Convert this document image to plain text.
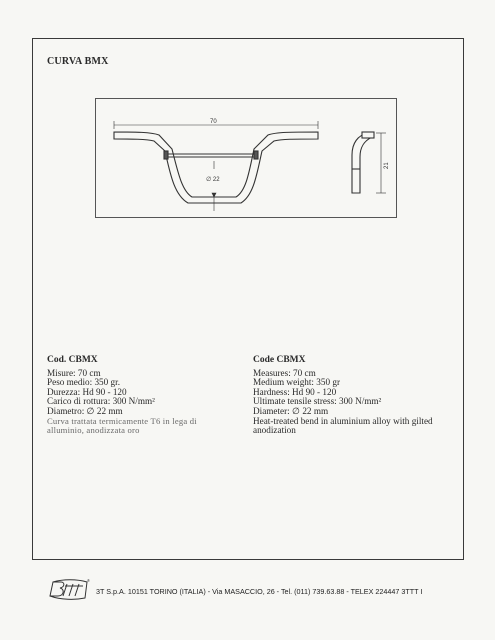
CURVA BMX
70
∅ 22
21
Cod. CBMX
Misure: 70 cm
Peso medio: 350 gr.
Durezza: Hd 90 - 120
Carico di rottura: 300 N/mm²
Diametro: ∅ 22 mm
Curva trattata termicamente T6 in lega di alluminio, anodizzata oro
Code CBMX
Measures: 70 cm
Medium weight: 350 gr
Hardness: Hd 90 - 120
Ultimate tensile stress: 300 N/mm²
Diameter: ∅ 22 mm
Heat-treated bend in aluminium alloy with gilted anodization
®
3T S.p.A. 10151 TORINO (ITALIA) - Via MASACCIO, 26 - Tel. (011) 739.63.88 - TELEX 224447 3TTT I
